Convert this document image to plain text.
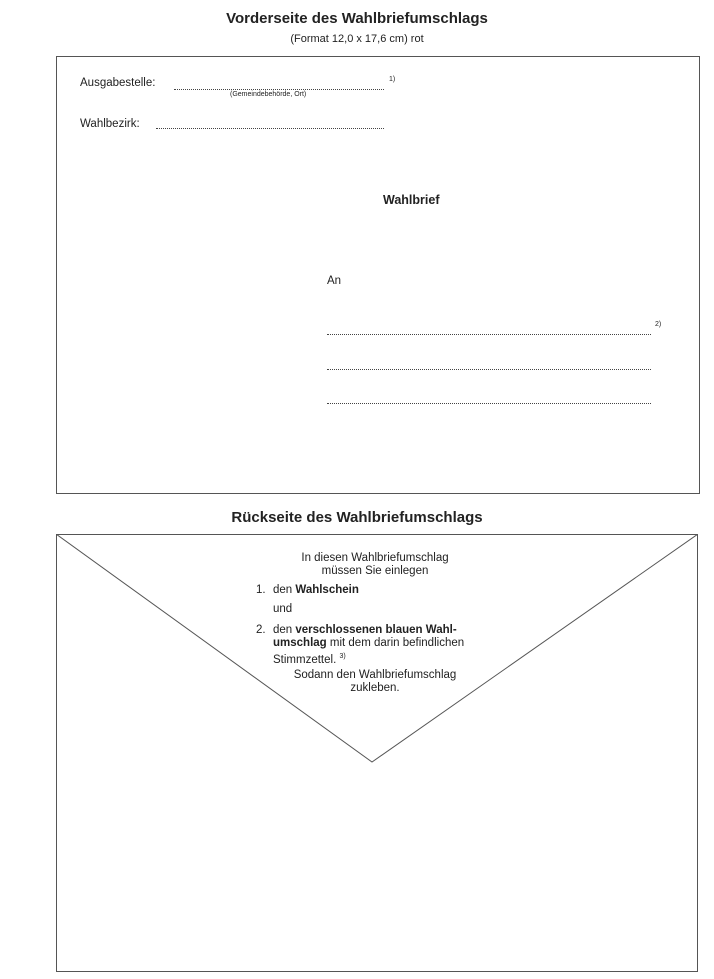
Vorderseite des Wahlbriefumschlags
(Format 12,0 x 17,6 cm) rot
Ausgabestelle:	$^{1)}$
(Gemeindebehörde, Ort)
Wahlbezirk:
Wahlbrief
An
$^{2)}$
Rückseite des Wahlbriefumschlags
In diesen Wahlbriefumschlag
müssen Sie einlegen
1. den Wahlschein
und
2. den verschlossenen blauen Wahl-
umschlag mit dem darin befindlichen
Stimmzettel. $^{3)}$
Sodann den Wahlbriefumschlag
zukleben.
